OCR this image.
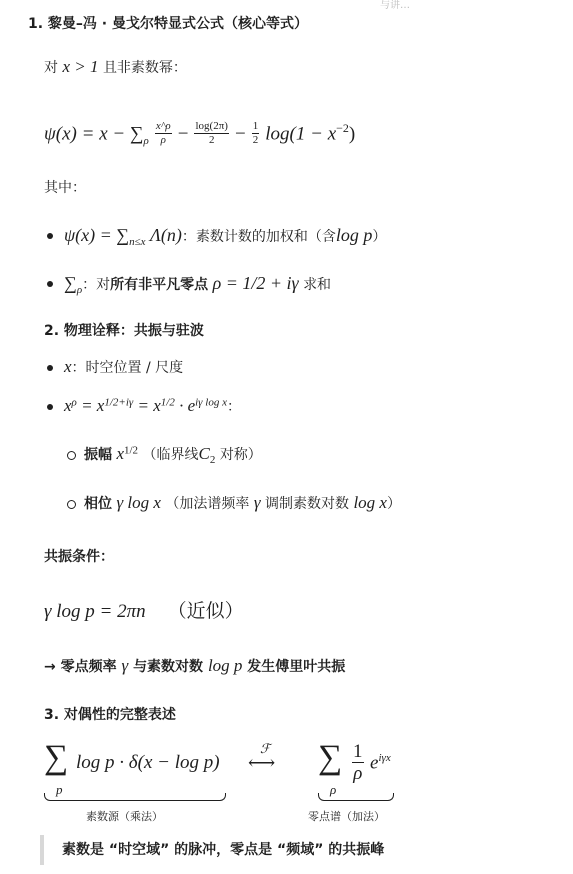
与讲…
1. 黎曼–冯 · 曼戈尔特显式公式（核心等式）
对 x > 1 且非素数幂：
$\psi(x) = x - \sum_\rho \frac{x\^{}\rho}{\rho} - \frac{\log(2\pi)}{2} - \frac{1}{2} \log(1 - x^{-2})$
其中：
$\psi(x) = \sum_{n\le x}$ Λ(n)：素数计数的加权和（含log p）
$\sum_\rho$：对所有非平凡零点 ρ = 1/2 + iγ 求和
2. 物理诠释：共振与驻波
x：时空位置 / 尺度
$x^\rho = x^{1/2+i\gamma} = x^{1/2} \cdot e^{i\gamma log x}$：
振幅 $x^{1/2}$ （临界线$C_2$ 对称）
相位 γ log x （加法谱频率 γ 调制素数对数 log x）
共振条件：
γ log p = 2πn （近似）
→ 零点频率 γ 与素数对数 log p 发生傅里叶共振
3. 对偶性的完整表述
∑
p
log p · δ(x − log p)
ℱ
⟷ ∑
ρ
$\frac{1}{\rho} e^{i\gamma x}$
素数源（乘法）	零点谱（加法）
素数是 “时空域” 的脉冲，零点是 “频域” 的共振峰
